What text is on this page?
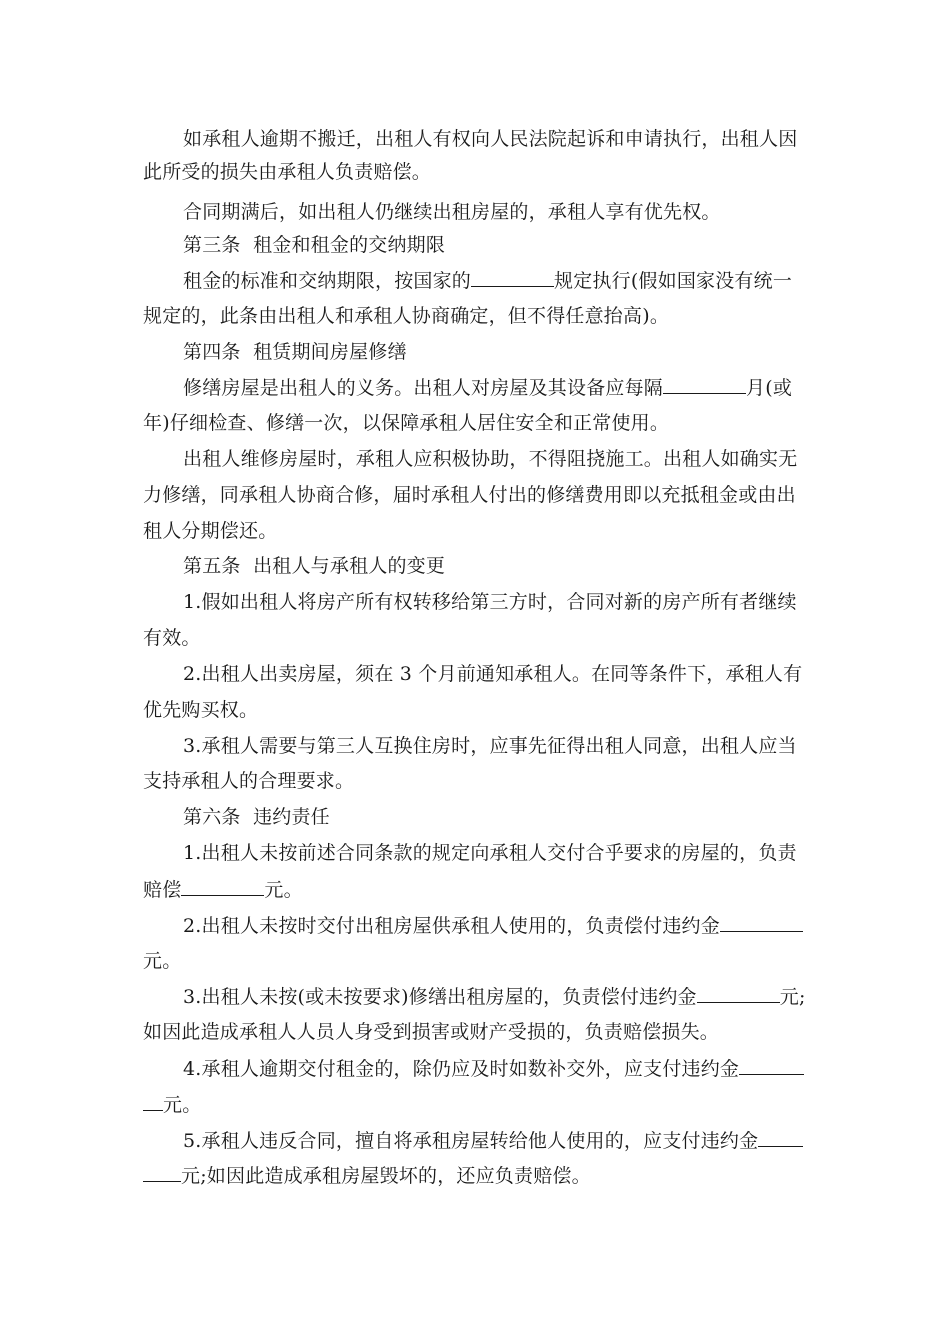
如承租人逾期不搬迁，出租人有权向人民法院起诉和申请执行，出租人因
此所受的损失由承租人负责赔偿。
合同期满后，如出租人仍继续出租房屋的，承租人享有优先权。
第三条  租金和租金的交纳期限
租金的标准和交纳期限，按国家的	规定执行(假如国家没有统一
规定的，此条由出租人和承租人协商确定，但不得任意抬高)。
第四条  租赁期间房屋修缮
修缮房屋是出租人的义务。出租人对房屋及其设备应每隔	月(或
年)仔细检查、修缮一次，以保障承租人居住安全和正常使用。
出租人维修房屋时，承租人应积极协助，不得阻挠施工。出租人如确实无
力修缮，同承租人协商合修，届时承租人付出的修缮费用即以充抵租金或由出
租人分期偿还。
第五条  出租人与承租人的变更
1.假如出租人将房产所有权转移给第三方时，合同对新的房产所有者继续
有效。
2.出租人出卖房屋，须在 3 个月前通知承租人。在同等条件下，承租人有
优先购买权。
3.承租人需要与第三人互换住房时，应事先征得出租人同意，出租人应当
支持承租人的合理要求。
第六条  违约责任
1.出租人未按前述合同条款的规定向承租人交付合乎要求的房屋的，负责
赔偿	元。
2.出租人未按时交付出租房屋供承租人使用的，负责偿付违约金
元。
3.出租人未按(或未按要求)修缮出租房屋的，负责偿付违约金	元;
如因此造成承租人人员人身受到损害或财产受损的，负责赔偿损失。
4.承租人逾期交付租金的，除仍应及时如数补交外，应支付违约金
元。
5.承租人违反合同，擅自将承租房屋转给他人使用的，应支付违约金
元;如因此造成承租房屋毁坏的，还应负责赔偿。
